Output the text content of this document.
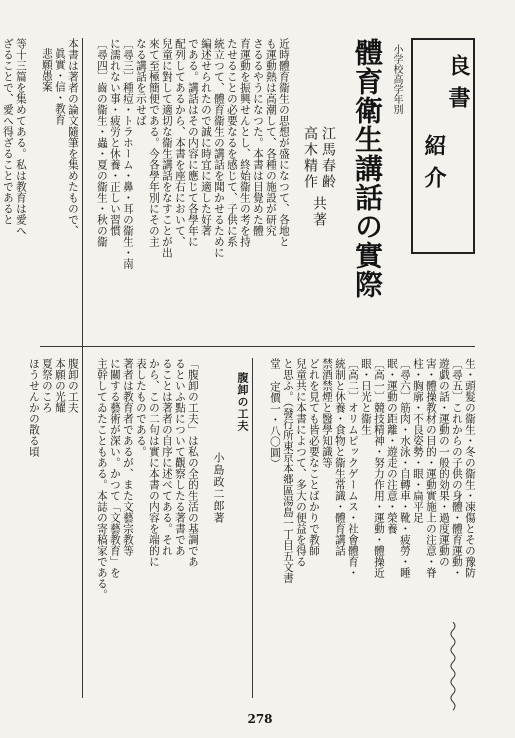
良書
紹介
小学校高学年別
體育衛生講話の實際
江馬春齢
高木精作
共著
近時體育衞生の思想が盛になつて、各地と
も運動熱は高潮して、各種の施設が研究
さるるやうになつた。本書は目覺めた體
育運動を振興せんとし、終始衞生の考を持
たせることの必要なるを感じて、子供に系
統立つて、體育衞生の講話を聞かせるために
編述せられたので誠に時宜に適した好著
である。講話はその内容に應じて各學年に
配列してあるから、本書を座右において、
兒童に對して適切な衞生講話をなすことが出
來て至極簡便である。今各學年別にその主
なる講話を示せば
〔尋三〕種痘・トラホーム・鼻・耳の衞生・南
に濡れない事・疲労と休養・正しい習慣
〔尋四〕齒の衞生・蟲・夏の衞生・秋の衞
生・頭髮の衞生・冬の衞生・凍傷とその豫防
〔尋五〕これからの子供の身體・體育運動・
遊戯の話・運動の一般的効果・過度運動の
害・體操教材の目的・運動實施上の注意・脊
柱・胸廓・不良姿勢・眼・扁平足
〔尋六〕筋肉・水泳・自轉車・靴・疲勞・睡
眠・運動の距離・遊走の注意・榮養
〔高一〕競技精神・努力作用・運動・體操近
眼・日光と衞生
〔高二〕オリムピックゲームス・社會體育・
統制と休養・食物と衞生常識・體育講話
禁酒禁煙と醫學知識等
どれを見ても皆必要なことばかりで教師
兒童共に本書によつて、多大の便益を得る
と思ふ。（發行所東京本郷區湯島一丁目五文書
堂 定價一・八〇圓）
腹卸の工夫
小島政二郎著
「腹卸の工夫」は私の全的生活の基調であ
るといふ點について觀察したる著書であ
ることは著者の自序に述べてある。それ
から、この二句は實に本書の内容を端的に
表したものである。
著者は教育者であるが、また文藝宗教等
に關する藝術が深い。かつて「文藝教育」を
主幹してゐたこともある。本誌の寄稿家である。
本書は著者の論文隨筆を集めたもので、
眞實・信・教育
悲願愚案
腹卸の工夫
本願の光耀
夏祭のころ
ほうせんかの散る頃
等十三篇を集めてある。私は教育は愛へ
ざることで、愛へ得ざることであると
278
